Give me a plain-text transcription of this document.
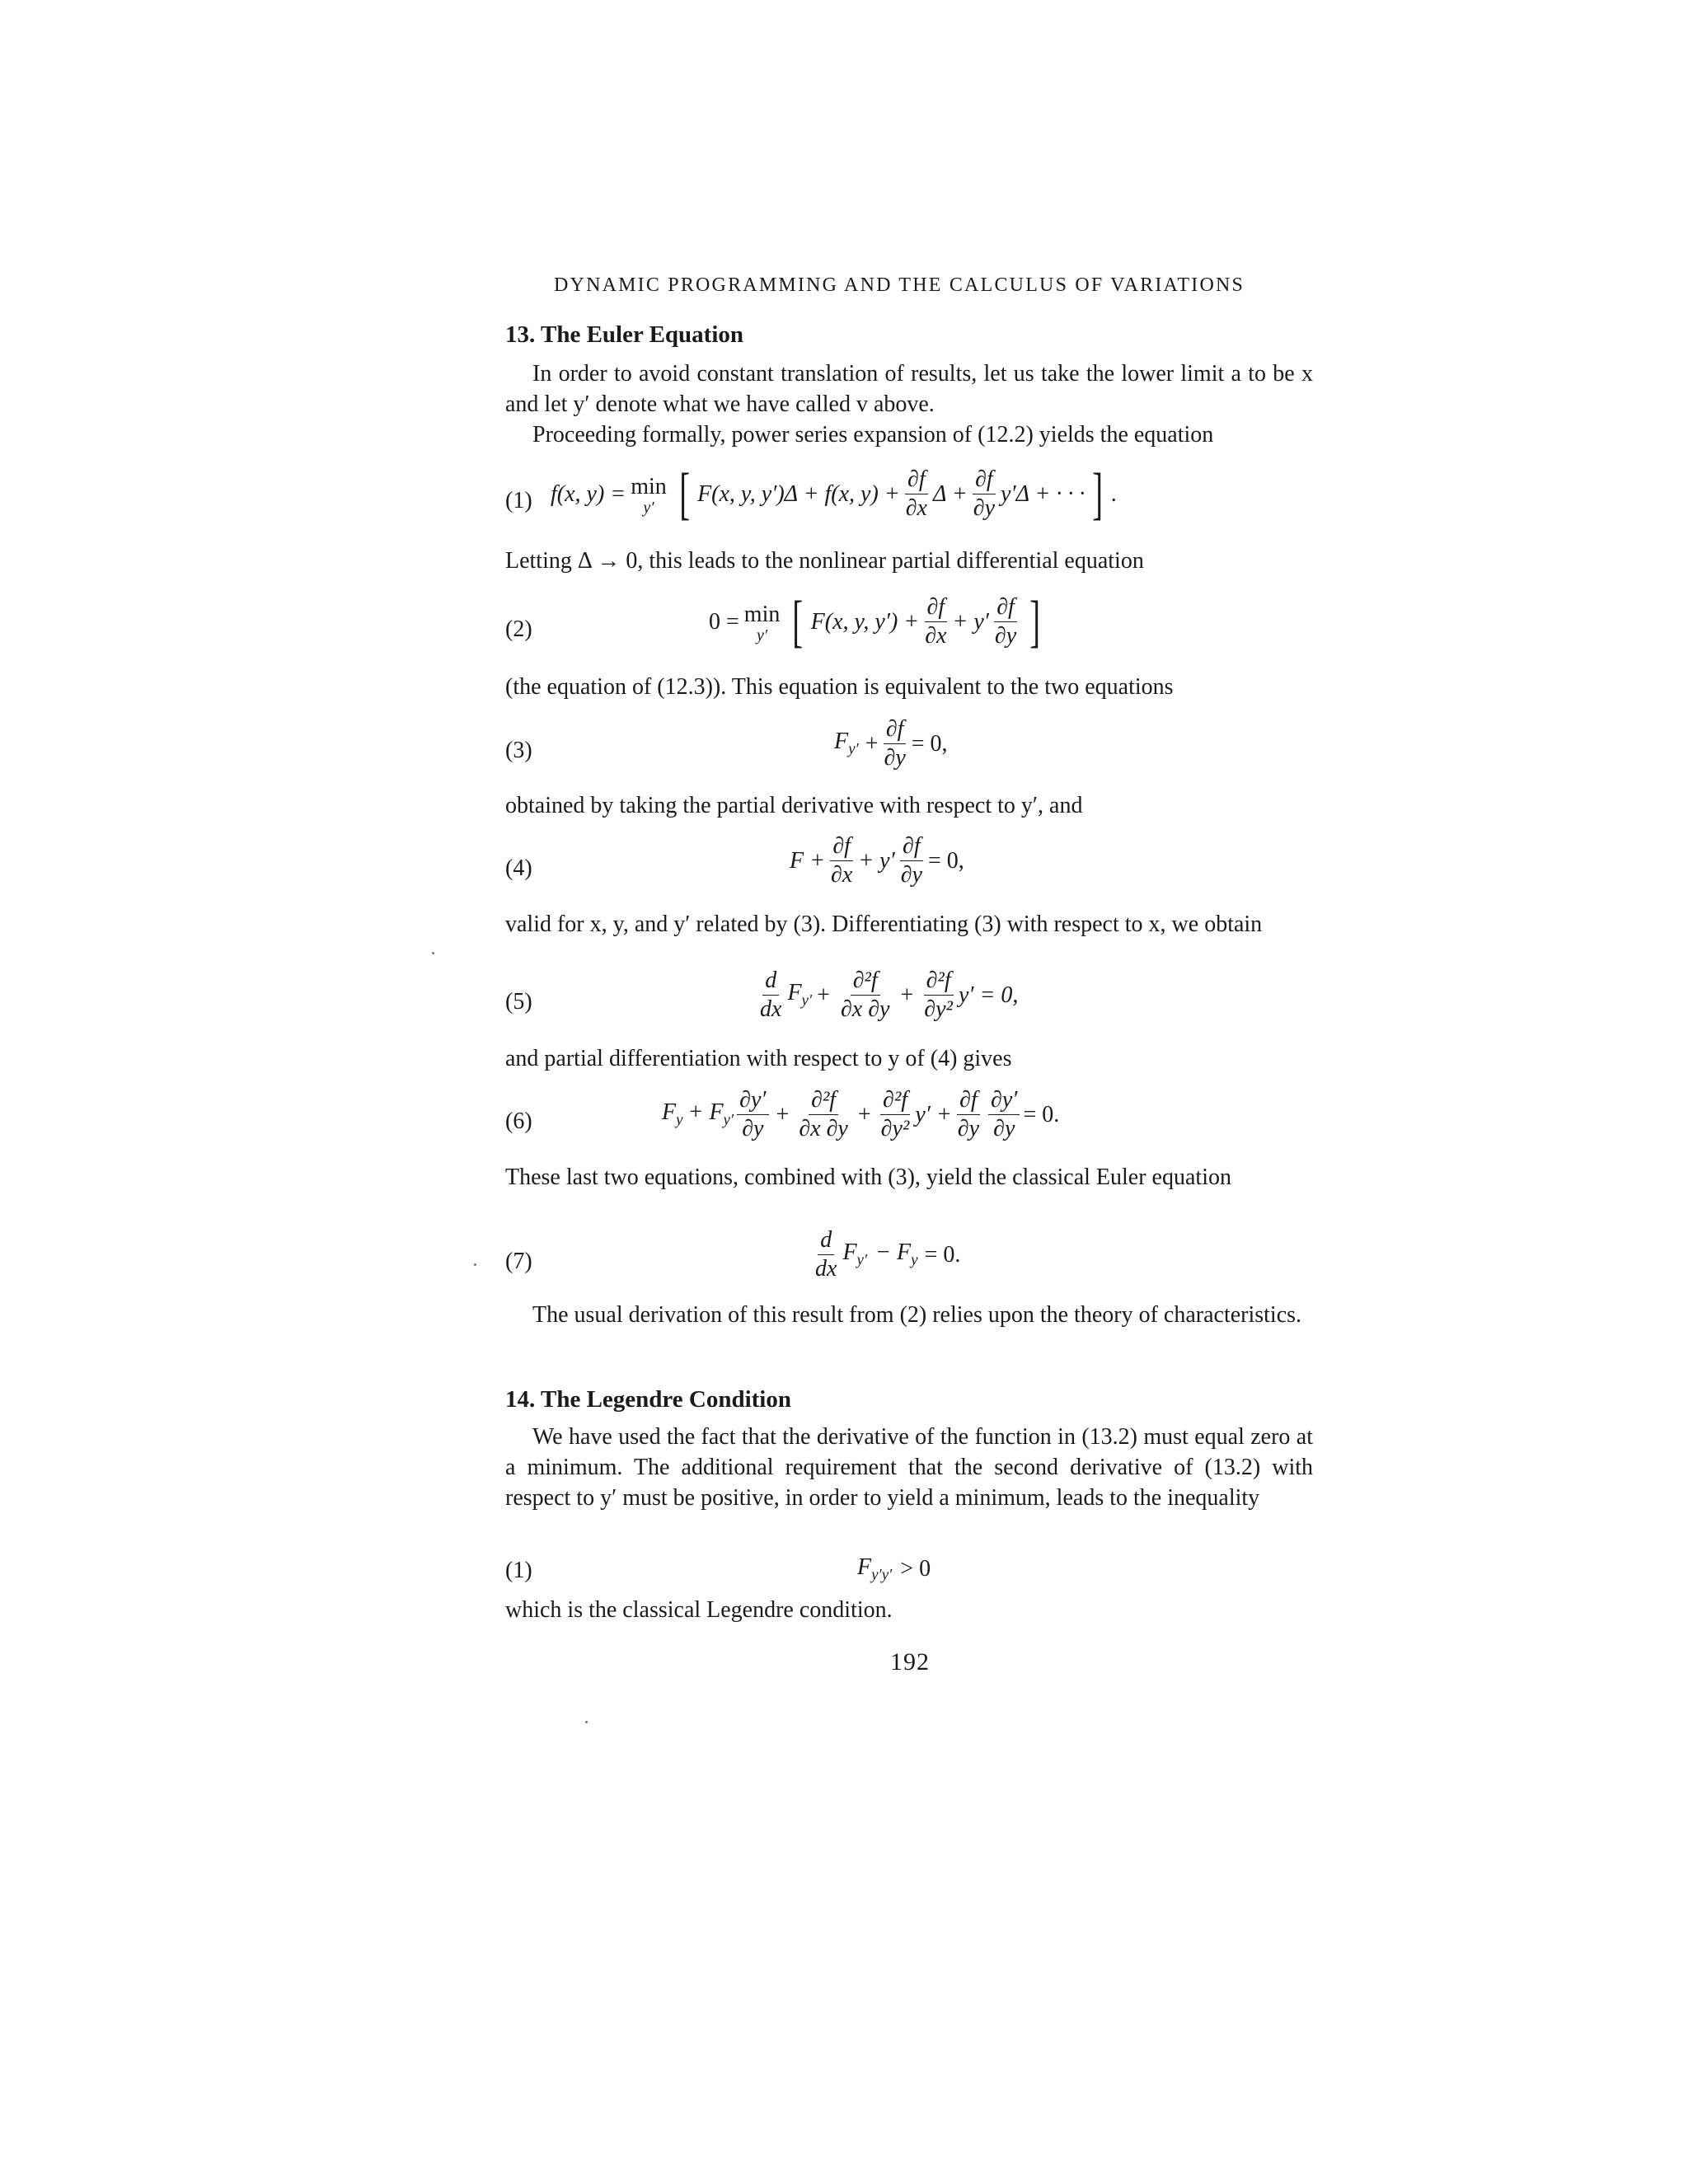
DYNAMIC PROGRAMMING AND THE CALCULUS OF VARIATIONS
13. The Euler Equation
In order to avoid constant translation of results, let us take the lower limit a to be x and let y′ denote what we have called v above.
Proceeding formally, power series expansion of (12.2) yields the equation
(1) f(x, y) = min
y′ [ F(x, y, y′)Δ + f(x, $y) + \frac{\partial f}{\partial x}$ $\Delta + \frac{\partial f}{\partial y} y'\Delta$ + · · · ] .
Letting Δ → 0, this leads to the nonlinear partial differential equation
(2)	0 = min
y′ [ F(x, y, $y') + \frac{\partial f}{\partial x} + y' \frac{\partial f}{\partial y}$ ]
(the equation of (12.3)). This equation is equivalent to the two equations
(3)	$F_{y'} + \frac{\partial f}{\partial y} = 0$,
obtained by taking the partial derivative with respect to y′, and
(4)	$F + \frac{\partial f}{\partial x} + y' \frac{\partial f}{\partial y} = 0$,
valid for x, y, and y′ related by (3). Differentiating (3) with respect to x, we obtain
(5)	$\frac{d}{dx} F_{y'} + \frac{\text{∂²f}}{\partial x \partial y} + \frac{\text{∂²f}}{\text{∂y²}} y' = 0$,
and partial differentiation with respect to y of (4) gives
(6)	$F_y + F_{y'} \frac{\partial y'}{\partial y} + \frac{\text{∂²f}}{\partial x \partial y} + \frac{\text{∂²f}}{\text{∂y²}} y' + \frac{\partial f}{\partial y} \frac{\partial y'}{\partial y} = 0$.
These last two equations, combined with (3), yield the classical Euler equation
(7)	$\frac{d}{dx} F_{y'} - F_y = 0$.
The usual derivation of this result from (2) relies upon the theory of characteristics.
14. The Legendre Condition
We have used the fact that the derivative of the function in (13.2) must equal zero at a minimum. The additional requirement that the second derivative of (13.2) with respect to y′ must be positive, in order to yield a minimum, leads to the inequality
(1)	$F_{y'y'} > 0$
which is the classical Legendre condition.
192
